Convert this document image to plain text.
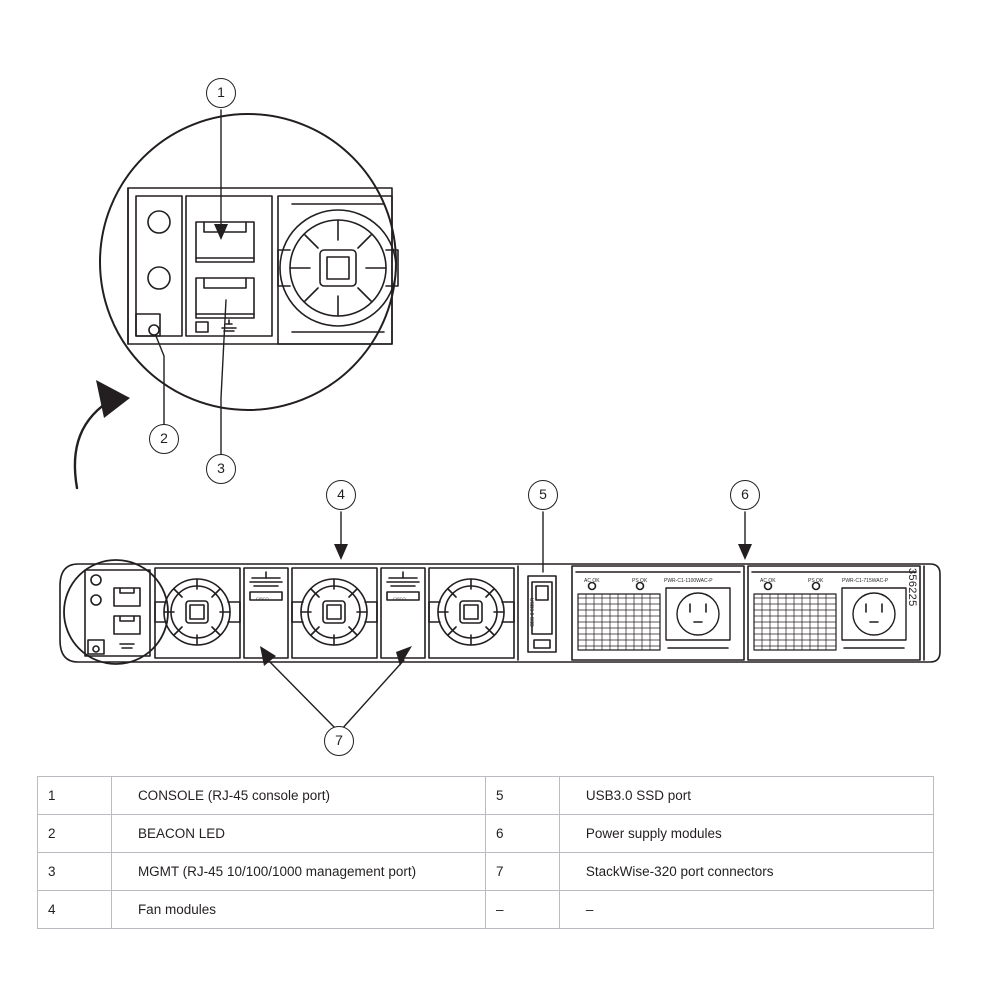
CISCO	CISCO	USB3.0 SSD
AC OK	PS OK	PWR-C1-1100WAC-P	AC OK	PS OK	PWR-C1-715WAC-P
1
2
3
4	5	6
7
356225
1	CONSOLE (RJ-45 console port)	5	USB3.0 SSD port
2	BEACON LED	6	Power supply modules
3	MGMT (RJ-45 10/100/1000 management port)	7	StackWise-320 port connectors
4	Fan modules	–	–
